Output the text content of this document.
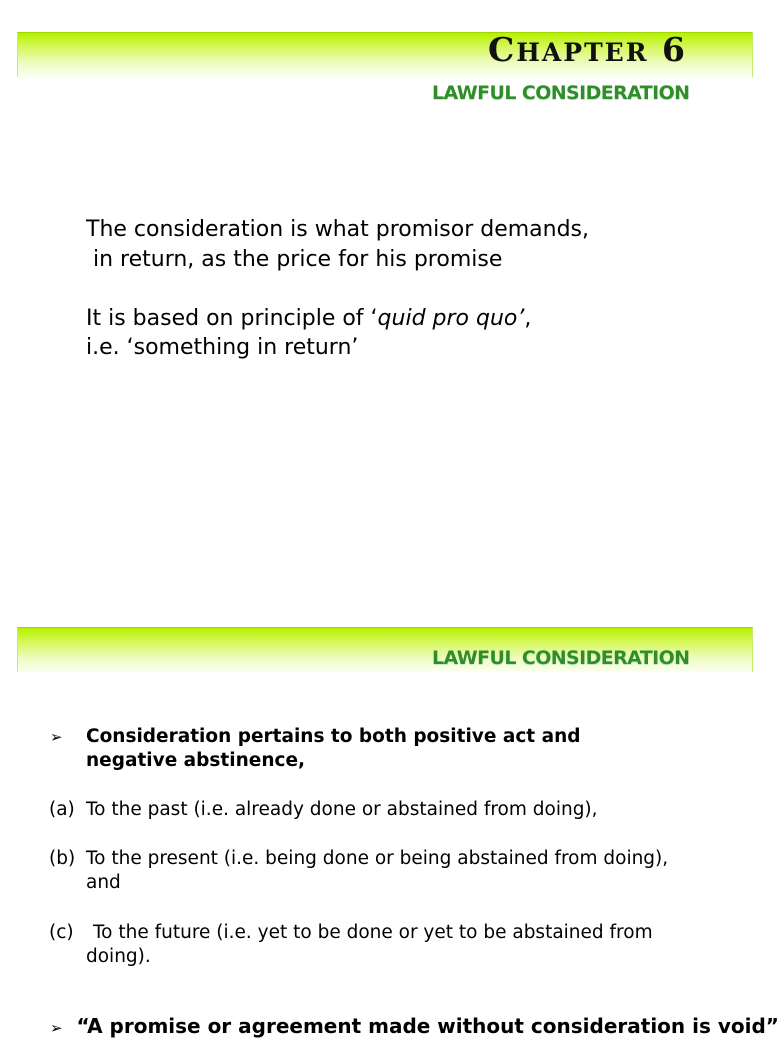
CHAPTER 6
LAWFUL CONSIDERATION

The consideration is what promisor demands,

in return, as the price for his promise

It is based on principle of ‘quid pro quo’,

i.e. ‘something in return’

LAWFUL CONSIDERATION
➢ Consideration pertains to both positive act and negative abstinence,
(a) To the past (i.e. already done or abstained from doing),
(b) To the present (i.e. being done or being abstained from doing), and
(c)	To the future (i.e. yet to be done or yet to be abstained from doing).
➢ “A promise or agreement made without consideration is void”
